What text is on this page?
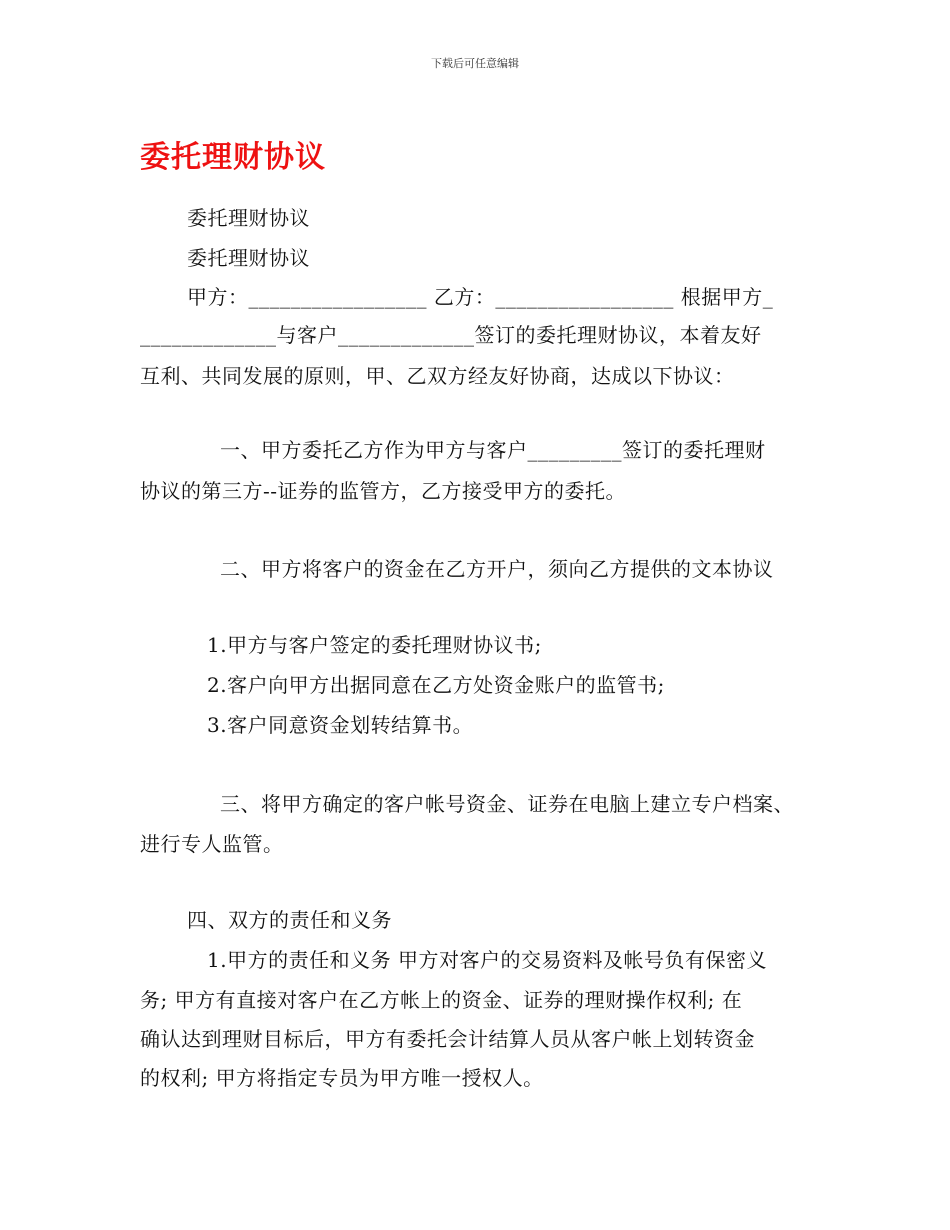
下载后可任意编辑
委托理财协议
委托理财协议
委托理财协议
甲方：_________________ 乙方：_________________ 根据甲方_
_____________与客户_____________签订的委托理财协议，本着友好
互利、共同发展的原则，甲、乙双方经友好协商，达成以下协议：
一、甲方委托乙方作为甲方与客户_________签订的委托理财
协议的第三方--证券的监管方，乙方接受甲方的委托。
二、甲方将客户的资金在乙方开户，须向乙方提供的文本协议
1.甲方与客户签定的委托理财协议书;
2.客户向甲方出据同意在乙方处资金账户的监管书;
3.客户同意资金划转结算书。
三、将甲方确定的客户帐号资金、证券在电脑上建立专户档案、
进行专人监管。
四、双方的责任和义务
1.甲方的责任和义务 甲方对客户的交易资料及帐号负有保密义
务; 甲方有直接对客户在乙方帐上的资金、证券的理财操作权利; 在
确认达到理财目标后，甲方有委托会计结算人员从客户帐上划转资金
的权利; 甲方将指定专员为甲方唯一授权人。
